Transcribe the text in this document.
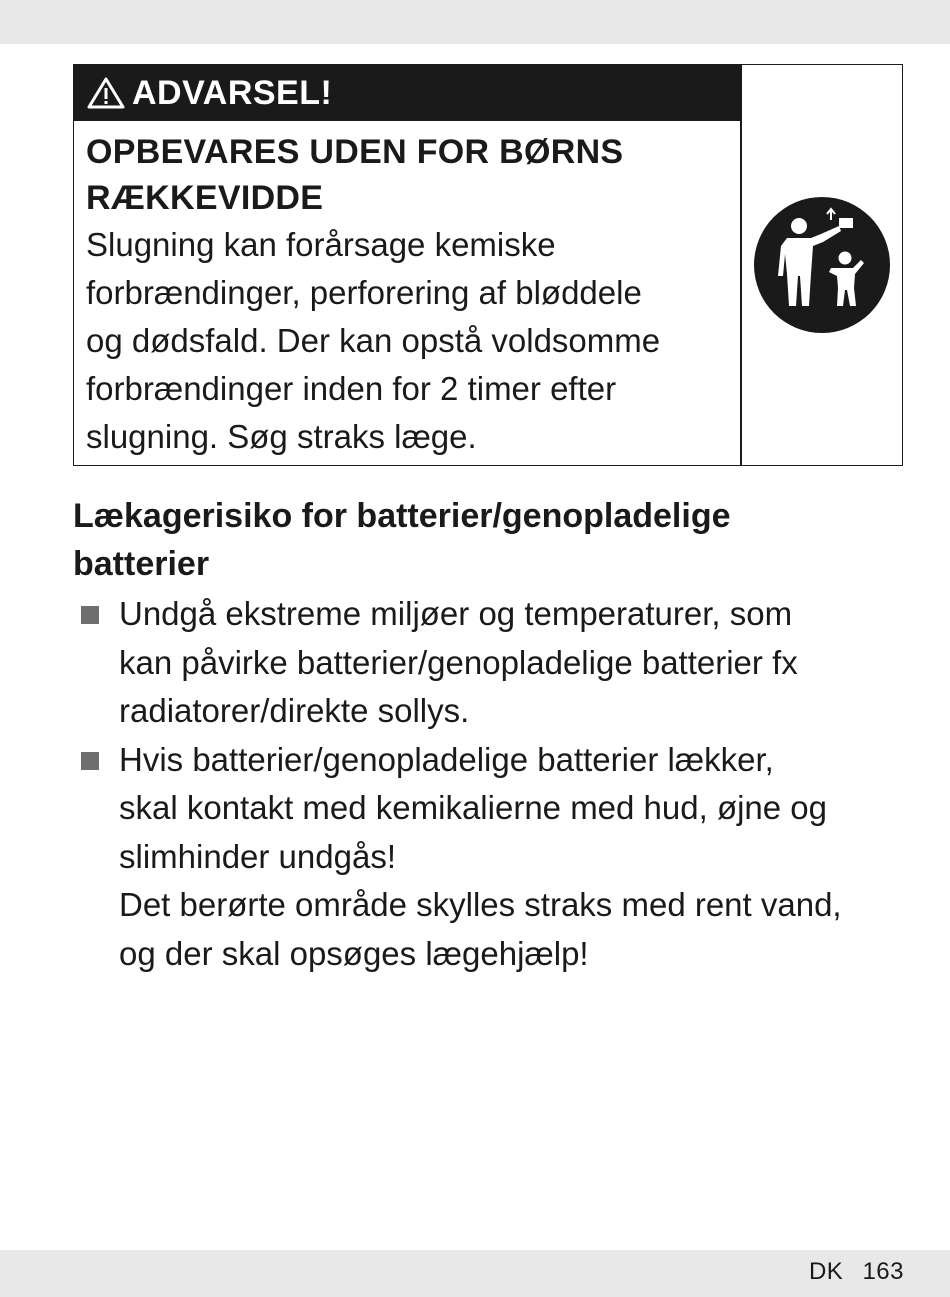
ADVARSEL!
OPBEVARES UDEN FOR BØRNS
RÆKKEVIDDE
Slugning kan forårsage kemiske
forbrændinger, perforering af bløddele
og dødsfald. Der kan opstå voldsomme
forbrændinger inden for 2 timer efter
slugning. Søg straks læge.
Lækagerisiko for batterier/genopladelige
batterier

Undgå ekstreme miljøer og temperaturer, som

kan påvirke batterier/genopladelige batterier fx

radiatorer/direkte sollys.

Hvis batterier/genopladelige batterier lækker,

skal kontakt med kemikalierne med hud, øjne og

slimhinder undgås!

Det berørte område skylles straks med rent vand,

og der skal opsøges lægehjælp!

DK 163
